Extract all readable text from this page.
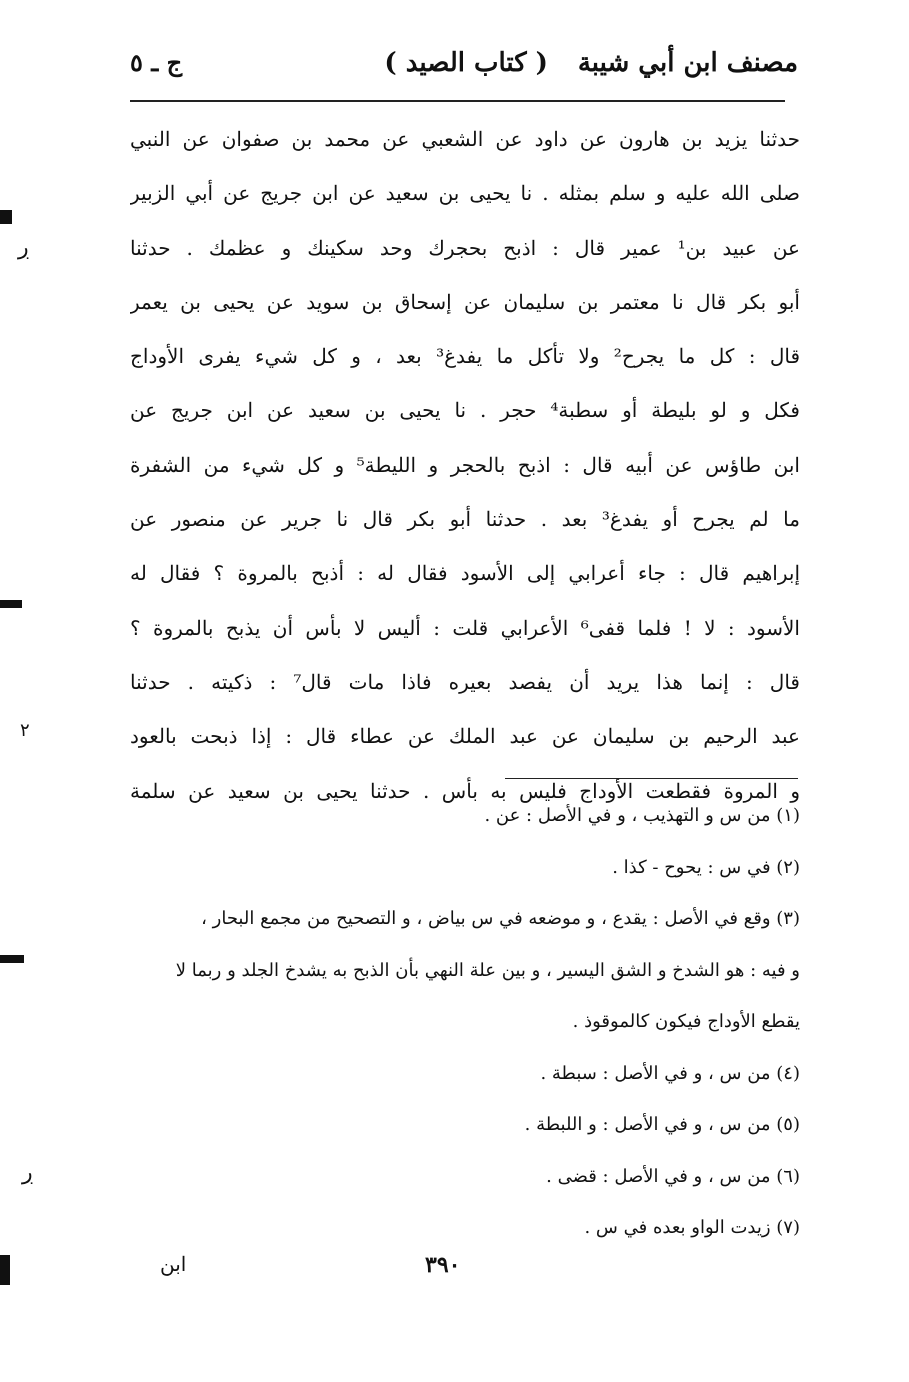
ڔ
٢
ڔ
مصنف ابن أبي شيبة
( كتاب الصيد )
ج ـ ٥
حدثنا يزيد بن هارون عن داود عن الشعبي عن محمد بن صفوان عن النبي
صلى الله عليه و سلم بمثله . نا يحيى بن سعيد عن ابن جريج عن أبي الزبير
عن عبيد بن¹ عمير قال : اذبح بحجرك وحد سكينك و عظمك . حدثنا
أبو بكر قال نا معتمر بن سليمان عن إسحاق بن سويد عن يحيى بن يعمر
قال : كل ما يجرح² ولا تأكل ما يفدغ³ بعد ، و كل شيء يفرى الأوداج
فكل و لو بليطة أو سطبة⁴ حجر . نا يحيى بن سعيد عن ابن جريج عن
ابن طاؤس عن أبيه قال : اذبح بالحجر و الليطة⁵ و كل شيء من الشفرة
ما لم يجرح أو يفدغ³ بعد . حدثنا أبو بكر قال نا جرير عن منصور عن
إبراهيم قال : جاء أعرابي إلى الأسود فقال له : أذبح بالمروة ؟ فقال له
الأسود : لا ! فلما قفى⁶ الأعرابي قلت : أليس لا بأس أن يذبح بالمروة ؟
قال : إنما هذا يريد أن يفصد بعيره فاذا مات قال⁷ : ذكيته . حدثنا
عبد الرحيم بن سليمان عن عبد الملك عن عطاء قال : إذا ذبحت بالعود
و المروة فقطعت الأوداج فليس به بأس . حدثنا يحيى بن سعيد عن سلمة
(١) من س و التهذيب ، و في الأصل : عن .
(٢) في س : يحوح - كذا .
(٣) وقع في الأصل : يقدع ، و موضعه في س بياض ، و التصحيح من مجمع البحار ،
و فيه : هو الشدخ و الشق اليسير ، و بين علة النهي بأن الذبح به يشدخ الجلد و ربما لا
يقطع الأوداج فيكون كالموقوذ .
(٤) من س ، و في الأصل : سبطة .
(٥) من س ، و في الأصل : و اللبطة .
(٦) من س ، و في الأصل : قضى .
(٧) زيدت الواو بعده في س .
٣٩٠
ابن
